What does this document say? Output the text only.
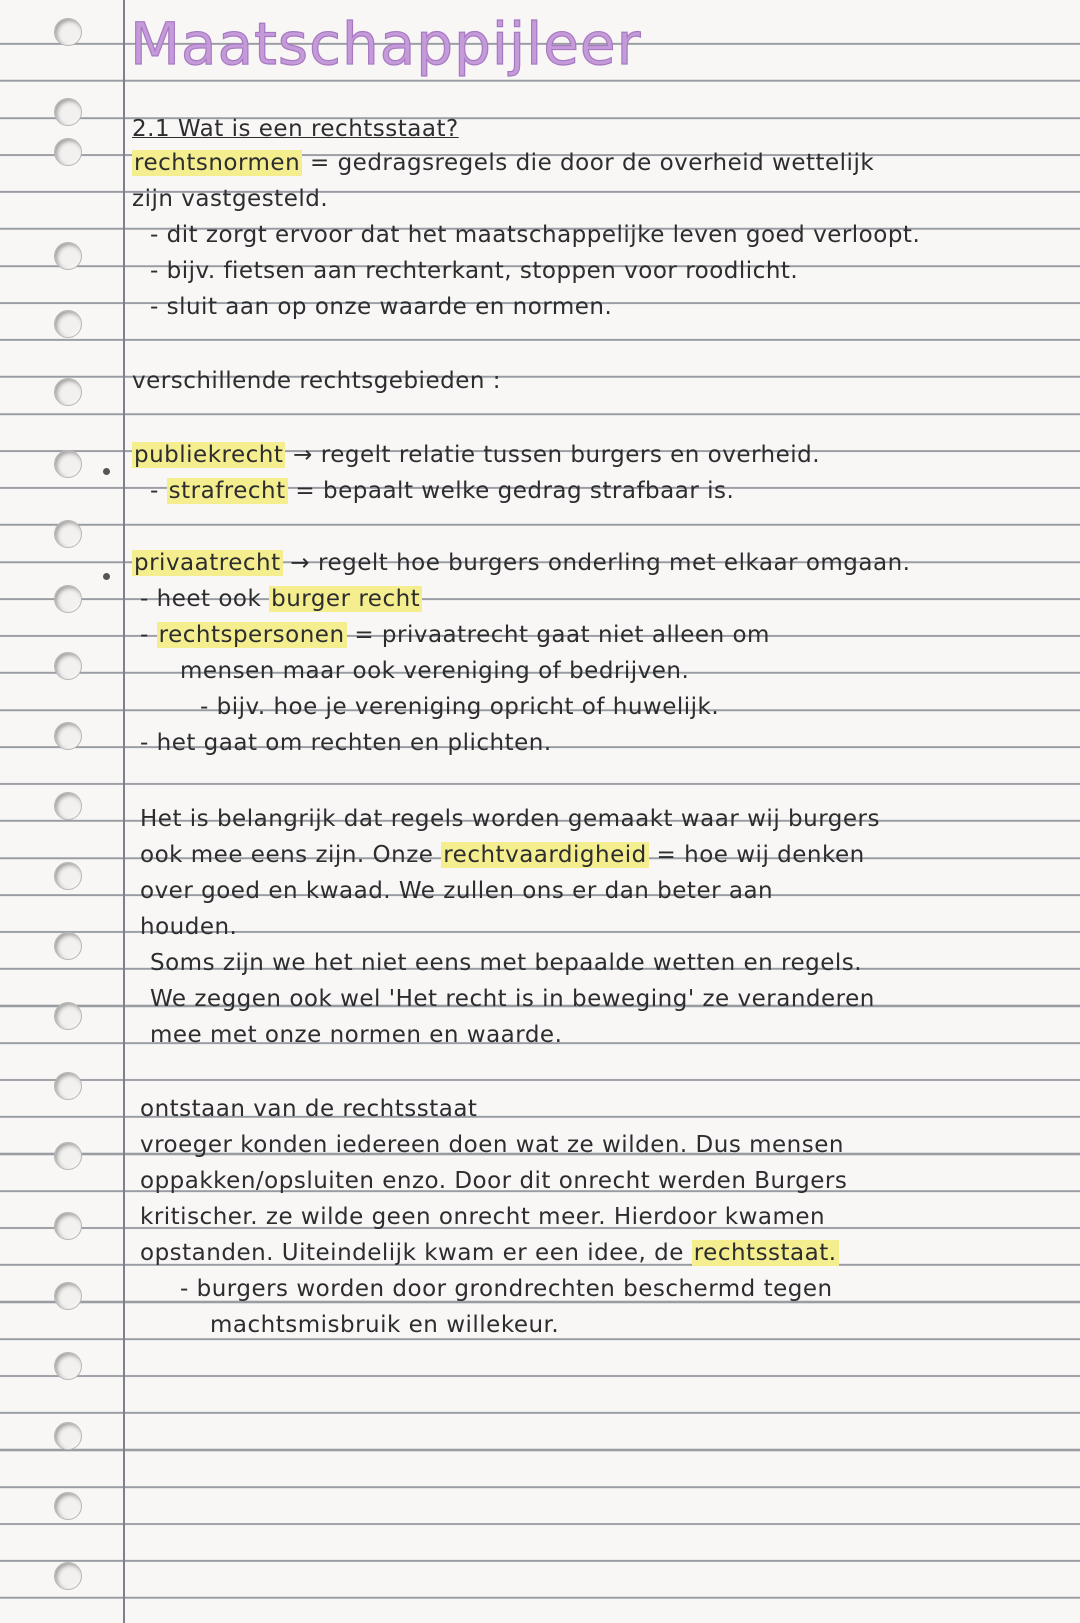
Maatschappijleer

2.1 Wat is een rechtsstaat?

rechtsnormen = gedragsregels die door de overheid wettelijk

zijn vastgesteld.

- dit zorgt ervoor dat het maatschappelijke leven goed verloopt.

- bijv. fietsen aan rechterkant, stoppen voor roodlicht.

- sluit aan op onze waarde en normen.

verschillende rechtsgebieden :

publiekrecht → regelt relatie tussen burgers en overheid.

- strafrecht = bepaalt welke gedrag strafbaar is.

privaatrecht → regelt hoe burgers onderling met elkaar omgaan.

- heet ook burger recht

- rechtspersonen = privaatrecht gaat niet alleen om

mensen maar ook vereniging of bedrijven.

- bijv. hoe je vereniging opricht of huwelijk.

- het gaat om rechten en plichten.

Het is belangrijk dat regels worden gemaakt waar wij burgers

ook mee eens zijn. Onze rechtvaardigheid = hoe wij denken

over goed en kwaad. We zullen ons er dan beter aan

houden.

Soms zijn we het niet eens met bepaalde wetten en regels.

We zeggen ook wel 'Het recht is in beweging' ze veranderen

mee met onze normen en waarde.

ontstaan van de rechtsstaat

vroeger konden iedereen doen wat ze wilden. Dus mensen

oppakken/opsluiten enzo. Door dit onrecht werden Burgers

kritischer. ze wilde geen onrecht meer. Hierdoor kwamen

opstanden. Uiteindelijk kwam er een idee, de rechtsstaat.

- burgers worden door grondrechten beschermd tegen

machtsmisbruik en willekeur.
